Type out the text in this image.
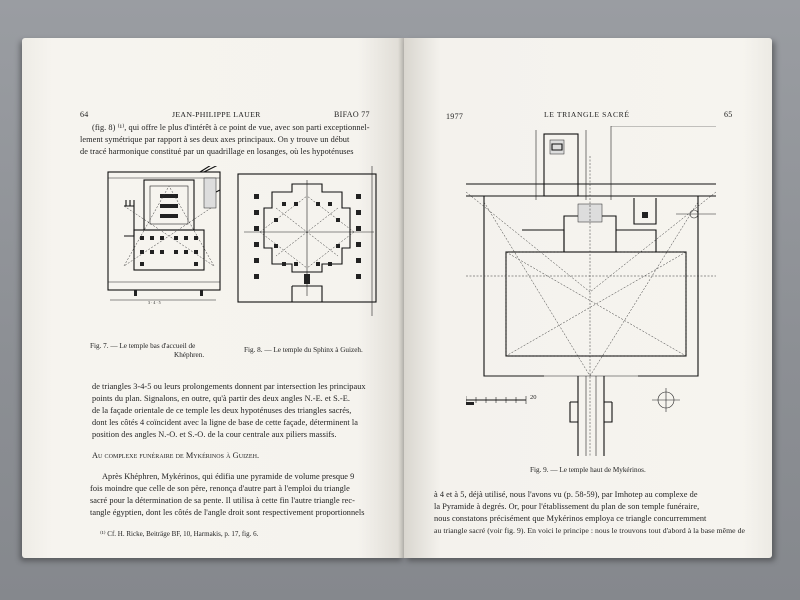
64	JEAN-PHILIPPE LAUER	BIFAO 77
(fig. 8) ⁽¹⁾, qui offre le plus d'intérêt à ce point de vue, avec son parti exceptionnel-
lement symétrique par rapport à ses deux axes principaux. On y trouve un début
de tracé harmonique constitué par un quadrillage en losanges, où les hypoténuses
3 · 4 · 5
Fig. 7. — Le temple bas d'accueil de
Khéphren.
Fig. 8. — Le temple du Sphinx à Guizeh.
de triangles 3-4-5 ou leurs prolongements donnent par intersection les principaux
points du plan. Signalons, en outre, qu'à partir des deux angles N.-E. et S.-E.
de la façade orientale de ce temple les deux hypoténuses des triangles sacrés,
dont les côtés 4 coïncident avec la ligne de base de cette façade, déterminent la
position des angles N.-O. et S.-O. de la cour centrale aux piliers massifs.
Au complexe funéraire de Mykérinos à Guizeh.
Après Khéphren, Mykérinos, qui édifia une pyramide de volume presque 9
fois moindre que celle de son père, renonça d'autre part à l'emploi du triangle
sacré pour la détermination de sa pente. Il utilisa à cette fin l'autre triangle rec-
tangle égyptien, dont les côtés de l'angle droit sont respectivement proportionnels
⁽¹⁾ Cf. H. Ricke, Beiträge BF, 10, Harmakis, p. 17, fig. 6.
1977	LE TRIANGLE SACRÉ	65
20
Fig. 9. — Le temple haut de Mykérinos.
à 4 et à 5, déjà utilisé, nous l'avons vu (p. 58-59), par Imhotep au complexe de
la Pyramide à degrés. Or, pour l'établissement du plan de son temple funéraire,
nous constatons précisément que Mykérinos employa ce triangle concurremment
au triangle sacré (voir fig. 9). En voici le principe : nous le trouvons tout d'abord à la base même de
